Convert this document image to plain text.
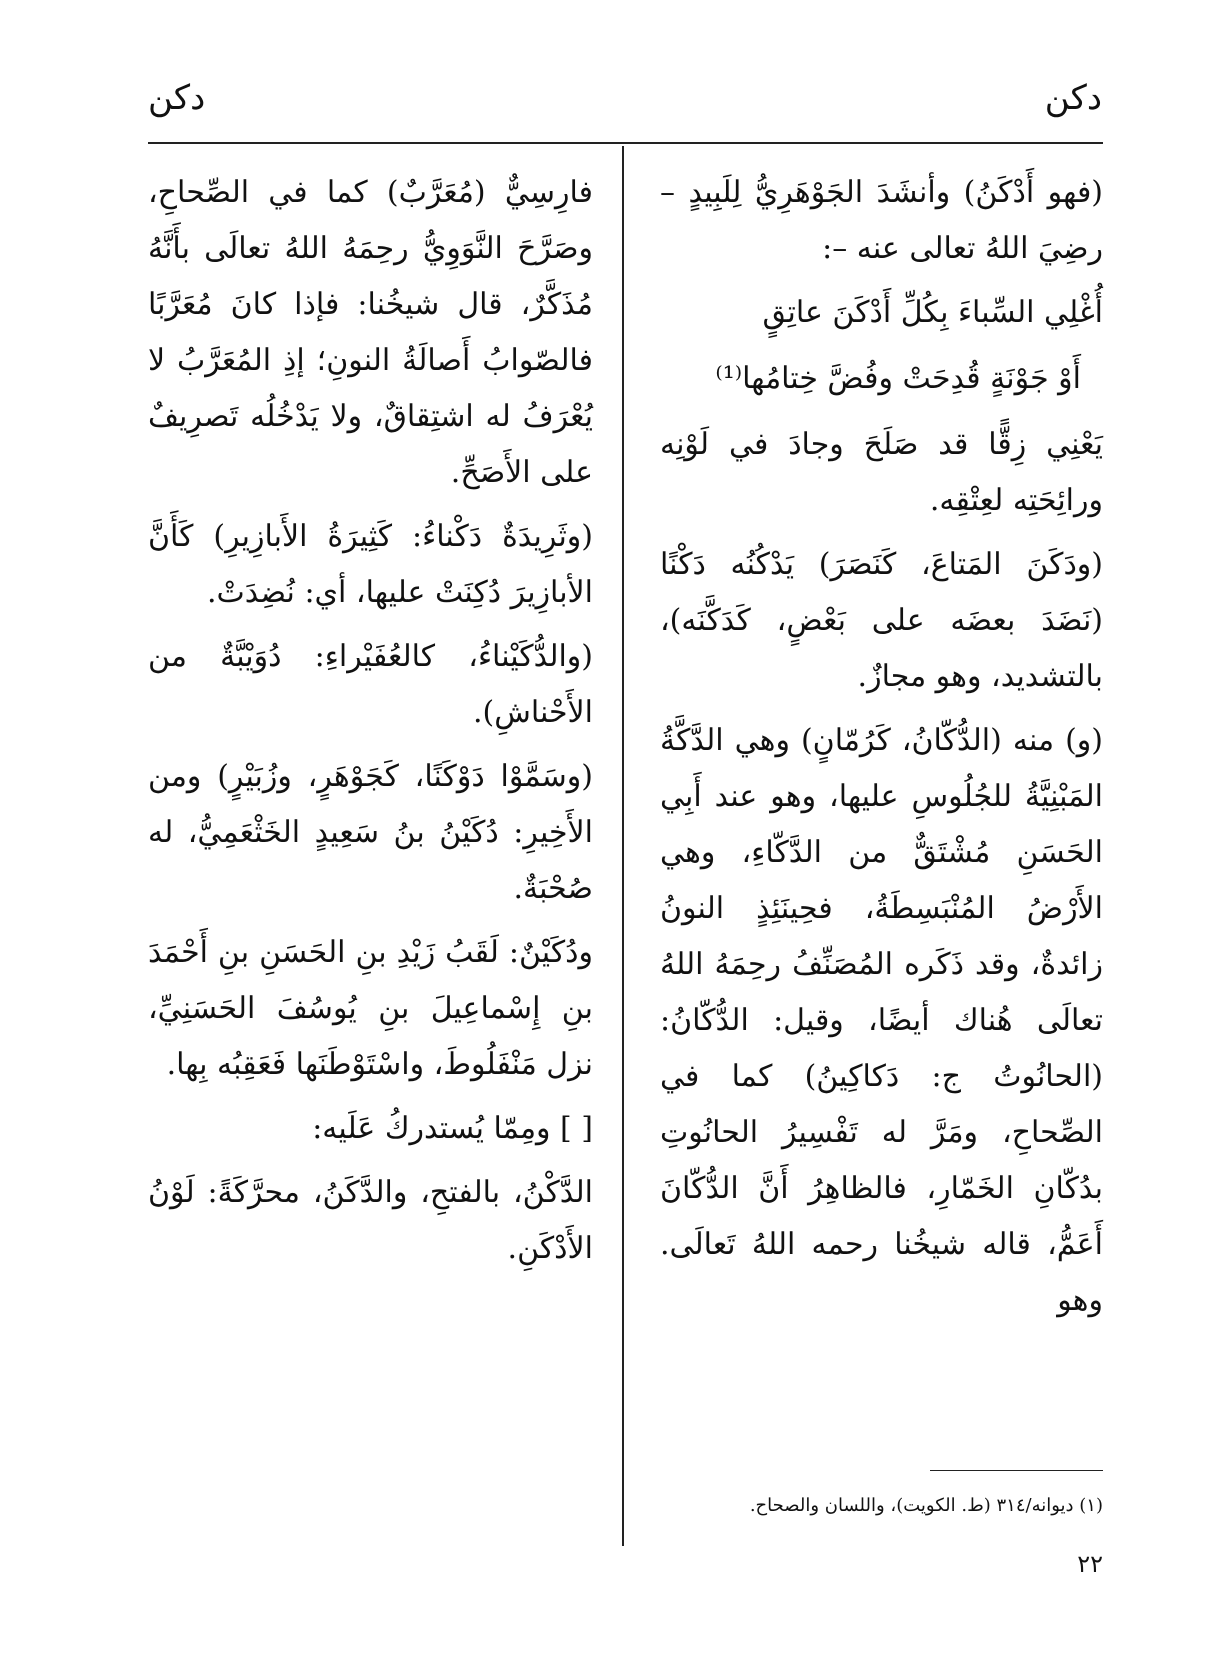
دكن
دكن

(فهو أَدْكَنُ) وأنشَدَ الجَوْهَرِيُّ لِلَبِيدٍ – رضِيَ اللهُ تعالى عنه –:

أُغْلِي السِّباءَ بِكُلِّ أَدْكَنَ عاتِقٍ

أَوْ جَوْنَةٍ قُدِحَتْ وفُضَّ خِتامُها⁽¹⁾

يَعْنِي زِقًّا قد صَلَحَ وجادَ في لَوْنِه ورائِحَتِه لعِتْقِه.

(ودَكَنَ المَتاعَ، كَنَصَرَ) يَدْكُنُه دَكْنًا (نَضَدَ بعضَه على بَعْضٍ، كَدَكَّنَه)، بالتشديد، وهو مجازٌ.

(و) منه (الدُّكّانُ، كَرُمّانٍ) وهي الدَّكَّةُ المَبْنِيَّةُ للجُلُوسِ عليها، وهو عند أَبِي الحَسَنِ مُشْتَقٌّ من الدَّكّاءِ، وهي الأَرْضُ المُنْبَسِطَةُ، فحِينَئِذٍ النونُ زائدةٌ، وقد ذَكَره المُصَنِّفُ رحِمَهُ اللهُ تعالَى هُناك أيضًا، وقيل: الدُّكّانُ: (الحانُوتُ ج: دَكاكِينُ) كما في الصِّحاحِ، ومَرَّ له تَفْسِيرُ الحانُوتِ بدُكّانِ الخَمّارِ، فالظاهِرُ أَنَّ الدُّكّانَ أَعَمُّ، قاله شيخُنا رحمه اللهُ تَعالَى. وهو

فارِسِيٌّ (مُعَرَّبٌ) كما في الصِّحاحِ، وصَرَّحَ النَّوَوِيُّ رحِمَهُ اللهُ تعالَى بأَنَّهُ مُذَكَّرٌ، قال شيخُنا: فإذا كانَ مُعَرَّبًا فالصّوابُ أَصالَةُ النونِ؛ إذِ المُعَرَّبُ لا يُعْرَفُ له اشتِقاقٌ، ولا يَدْخُلُه تَصرِيفٌ على الأَصَحِّ.

(وثَرِيدَةٌ دَكْناءُ: كَثِيرَةُ الأَبازِيرِ) كَأَنَّ الأبازِيرَ دُكِنَتْ عليها، أي: نُضِدَتْ.

(والدُّكَيْناءُ، كالعُفَيْراءِ: دُوَيْبَّةٌ من الأَحْناشِ).

(وسَمَّوْا دَوْكَنًا، كَجَوْهَرٍ، وزُبَيْرٍ) ومن الأَخِيرِ: دُكَيْنُ بنُ سَعِيدٍ الخَثْعَمِيُّ، له صُحْبَةٌ.

ودُكَيْنٌ: لَقَبُ زَيْدِ بنِ الحَسَنِ بنِ أَحْمَدَ بنِ إِسْماعِيلَ بنِ يُوسُفَ الحَسَنِيِّ، نزل مَنْفَلُوطَ، واسْتَوْطَنَها فَعَقِبُه بِها.

[ ] ومِمّا يُستدركُ عَلَيه:

الدَّكْنُ، بالفتحِ، والدَّكَنُ، محرَّكَةً: لَوْنُ الأَدْكَنِ.

(١) ديوانه/٣١٤ (ط. الكويت)، واللسان والصحاح.
٢٢
